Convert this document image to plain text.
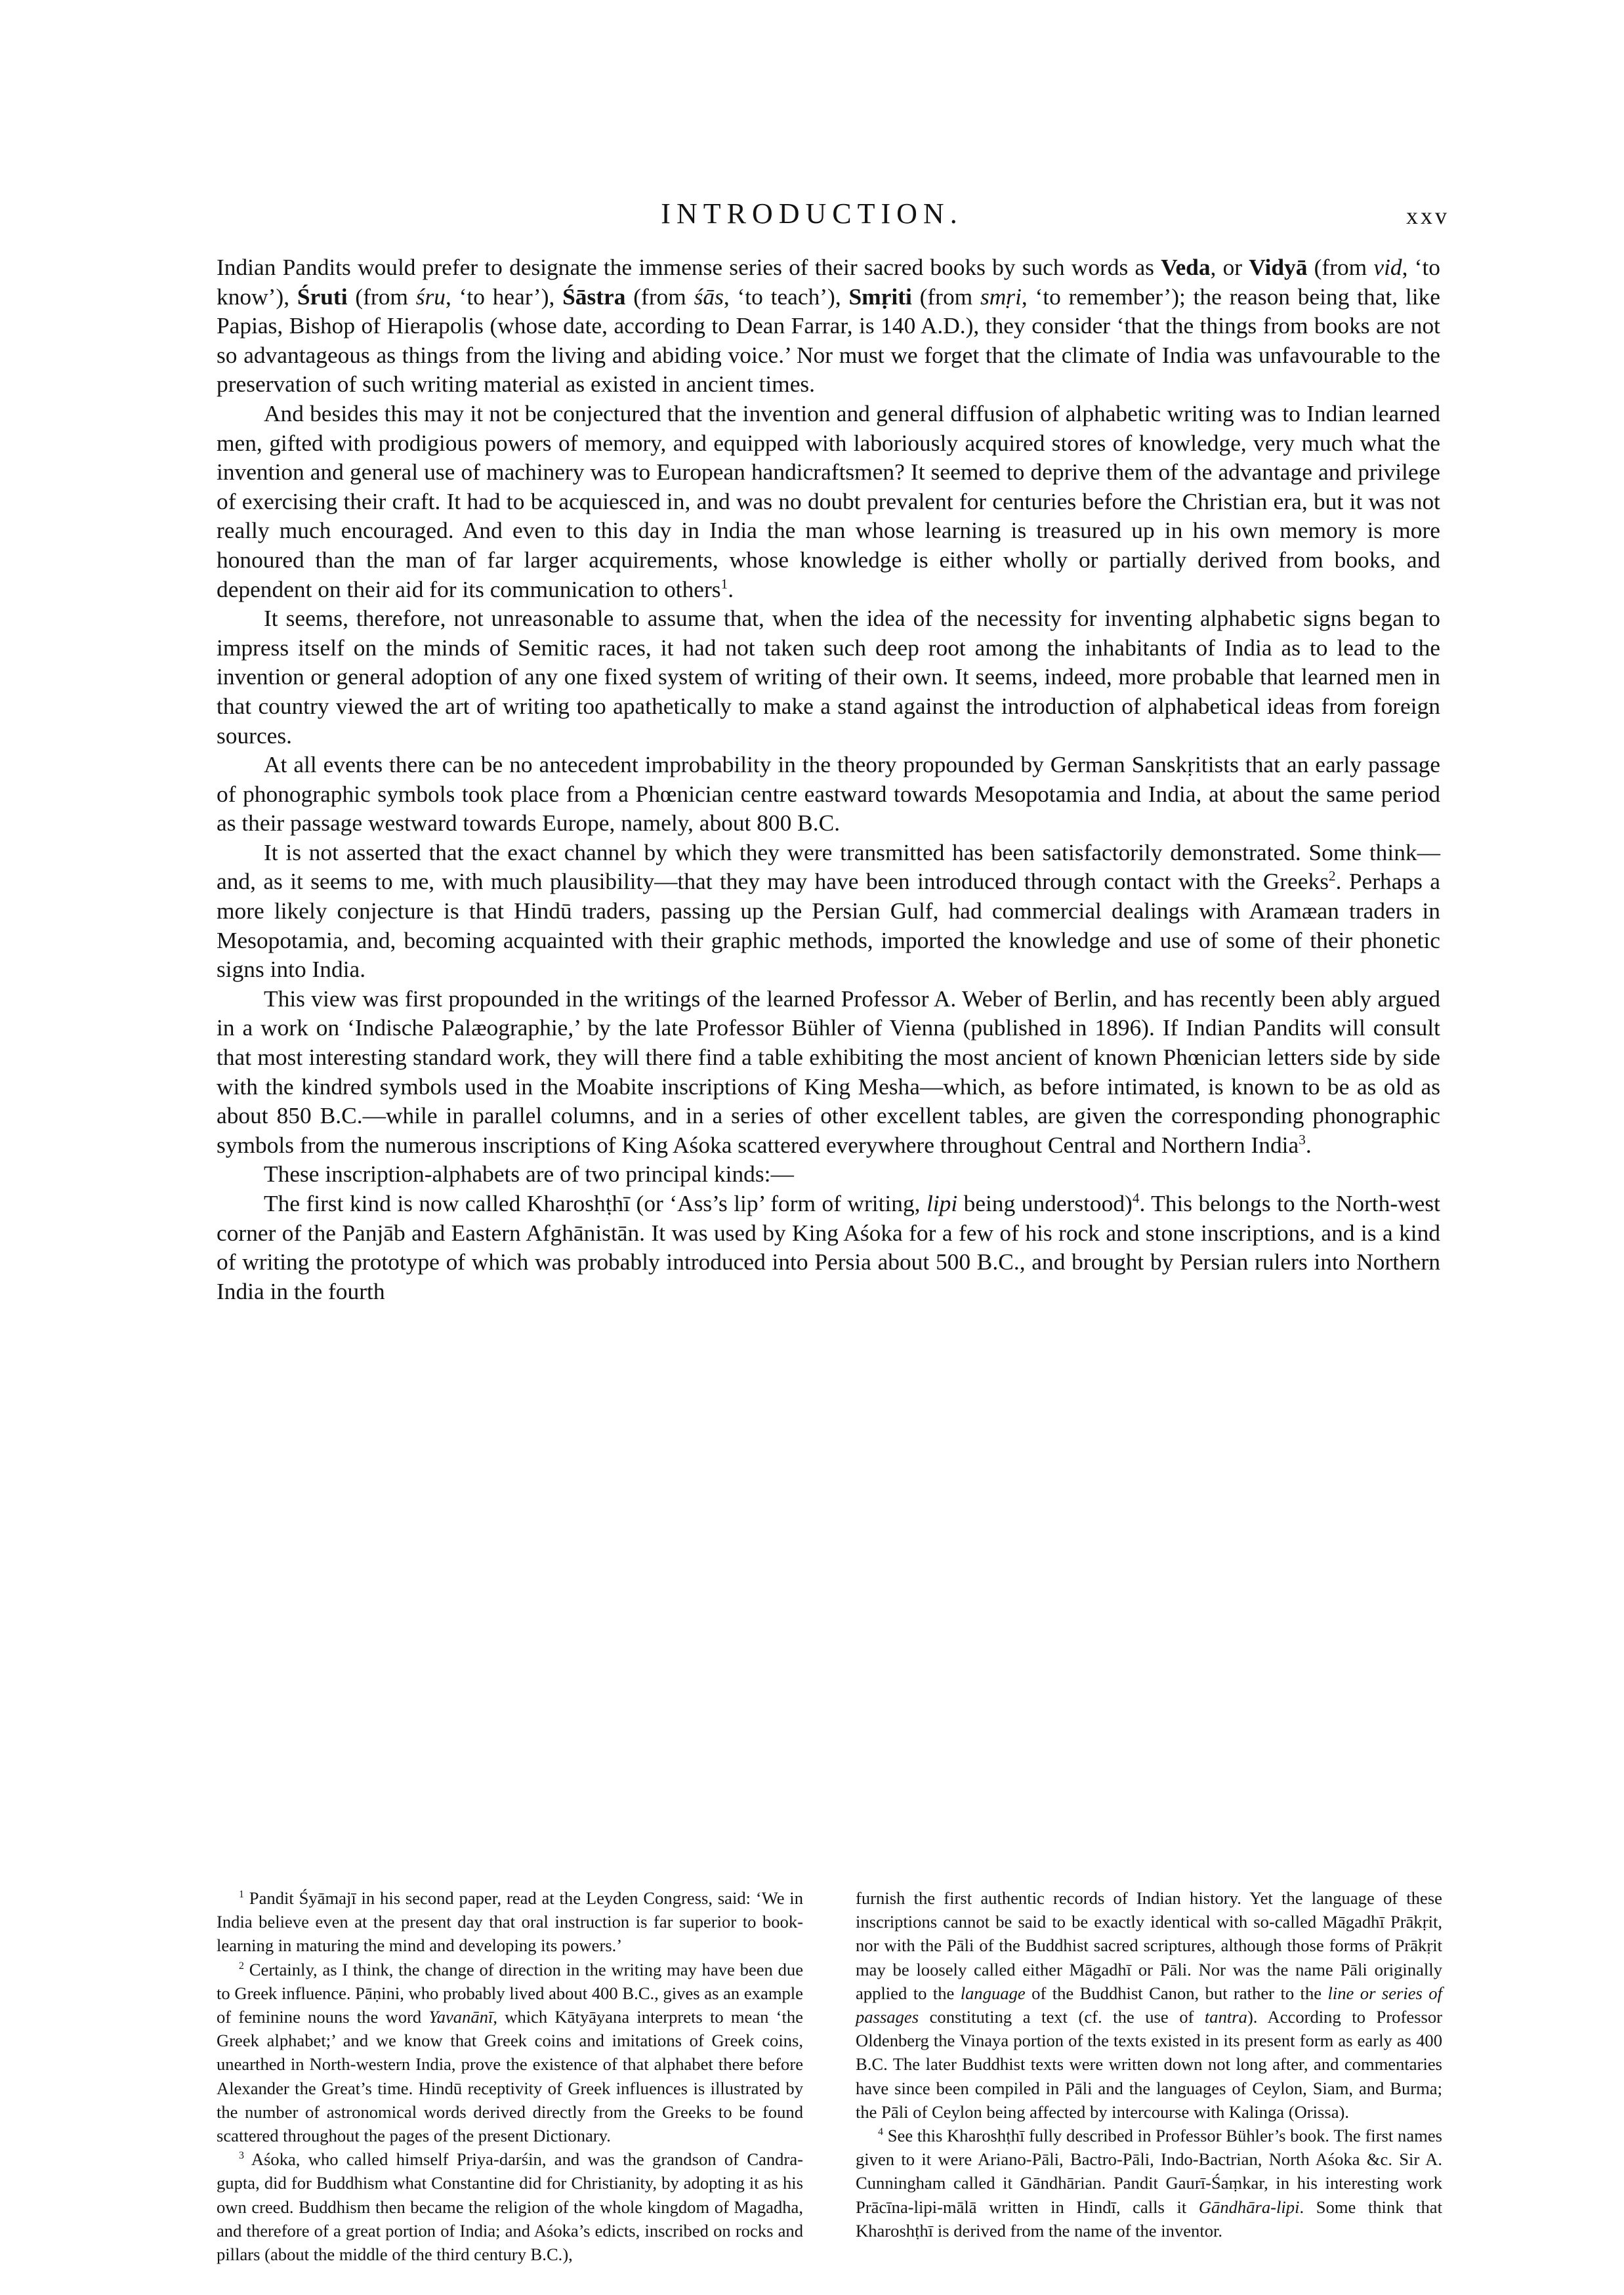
INTRODUCTION.	xxv

Indian Pandits would prefer to designate the immense series of their sacred books by such words as Veda, or Vidyā (from vid, ‘to know’), Śruti (from śru, ‘to hear’), Śāstra (from śās, ‘to teach’), Smṛiti (from smṛi, ‘to remember’); the reason being that, like Papias, Bishop of Hierapolis (whose date, according to Dean Farrar, is 140 A.D.), they consider ‘that the things from books are not so advantageous as things from the living and abiding voice.’ Nor must we forget that the climate of India was unfavourable to the preservation of such writing material as existed in ancient times.

And besides this may it not be conjectured that the invention and general diffusion of alphabetic writing was to Indian learned men, gifted with prodigious powers of memory, and equipped with laboriously acquired stores of knowledge, very much what the invention and general use of machinery was to European handicraftsmen? It seemed to deprive them of the advantage and privilege of exercising their craft. It had to be acquiesced in, and was no doubt prevalent for centuries before the Christian era, but it was not really much encouraged. And even to this day in India the man whose learning is treasured up in his own memory is more honoured than the man of far larger acquirements, whose knowledge is either wholly or partially derived from books, and dependent on their aid for its communication to others$^1$.

It seems, therefore, not unreasonable to assume that, when the idea of the necessity for inventing alphabetic signs began to impress itself on the minds of Semitic races, it had not taken such deep root among the inhabitants of India as to lead to the invention or general adoption of any one fixed system of writing of their own. It seems, indeed, more probable that learned men in that country viewed the art of writing too apathetically to make a stand against the introduction of alphabetical ideas from foreign sources.

At all events there can be no antecedent improbability in the theory propounded by German Sanskṛitists that an early passage of phonographic symbols took place from a Phœnician centre eastward towards Mesopotamia and India, at about the same period as their passage westward towards Europe, namely, about 800 B.C.

It is not asserted that the exact channel by which they were transmitted has been satisfactorily demonstrated. Some think—and, as it seems to me, with much plausibility—that they may have been introduced through contact with the Greeks$^2$. Perhaps a more likely conjecture is that Hindū traders, passing up the Persian Gulf, had commercial dealings with Aramæan traders in Mesopotamia, and, becoming acquainted with their graphic methods, imported the knowledge and use of some of their phonetic signs into India.

This view was first propounded in the writings of the learned Professor A. Weber of Berlin, and has recently been ably argued in a work on ‘Indische Palæographie,’ by the late Professor Bühler of Vienna (published in 1896). If Indian Pandits will consult that most interesting standard work, they will there find a table exhibiting the most ancient of known Phœnician letters side by side with the kindred symbols used in the Moabite inscriptions of King Mesha—which, as before intimated, is known to be as old as about 850 B.C.—while in parallel columns, and in a series of other excellent tables, are given the corresponding phonographic symbols from the numerous inscriptions of King Aśoka scattered everywhere throughout Central and Northern India$^3$.

These inscription-alphabets are of two principal kinds:—

The first kind is now called Kharoshṭhī (or ‘Ass’s lip’ form of writing, lipi being understood)$^4$. This belongs to the North-west corner of the Panjāb and Eastern Afghānistān. It was used by King Aśoka for a few of his rock and stone inscriptions, and is a kind of writing the prototype of which was probably introduced into Persia about 500 B.C., and brought by Persian rulers into Northern India in the fourth

$^1$ Pandit Śyāmajī in his second paper, read at the Leyden Congress, said: ‘We in India believe even at the present day that oral instruction is far superior to book-learning in maturing the mind and developing its powers.’

$^2$ Certainly, as I think, the change of direction in the writing may have been due to Greek influence. Pāṇini, who probably lived about 400 B.C., gives as an example of feminine nouns the word Yavanānī, which Kātyāyana interprets to mean ‘the Greek alphabet;’ and we know that Greek coins and imitations of Greek coins, unearthed in North-western India, prove the existence of that alphabet there before Alexander the Great’s time. Hindū receptivity of Greek influences is illustrated by the number of astronomical words derived directly from the Greeks to be found scattered throughout the pages of the present Dictionary.

$^3$ Aśoka, who called himself Priya-darśin, and was the grandson of Candra-gupta, did for Buddhism what Constantine did for Christianity, by adopting it as his own creed. Buddhism then became the religion of the whole kingdom of Magadha, and therefore of a great portion of India; and Aśoka’s edicts, inscribed on rocks and pillars (about the middle of the third century B.C.),

furnish the first authentic records of Indian history. Yet the language of these inscriptions cannot be said to be exactly identical with so-called Māgadhī Prākṛit, nor with the Pāli of the Buddhist sacred scriptures, although those forms of Prākṛit may be loosely called either Māgadhī or Pāli. Nor was the name Pāli originally applied to the language of the Buddhist Canon, but rather to the line or series of passages constituting a text (cf. the use of tantra). According to Professor Oldenberg the Vinaya portion of the texts existed in its present form as early as 400 B.C. The later Buddhist texts were written down not long after, and commentaries have since been compiled in Pāli and the languages of Ceylon, Siam, and Burma; the Pāli of Ceylon being affected by intercourse with Kalinga (Orissa).

$^4$ See this Kharoshṭhī fully described in Professor Bühler’s book. The first names given to it were Ariano-Pāli, Bactro-Pāli, Indo-Bactrian, North Aśoka &c. Sir A. Cunningham called it Gāndhārian. Pandit Gaurī-Śaṃkar, in his interesting work Prācīna-lipi-mālā written in Hindī, calls it Gāndhāra-lipi. Some think that Kharoshṭhī is derived from the name of the inventor.
